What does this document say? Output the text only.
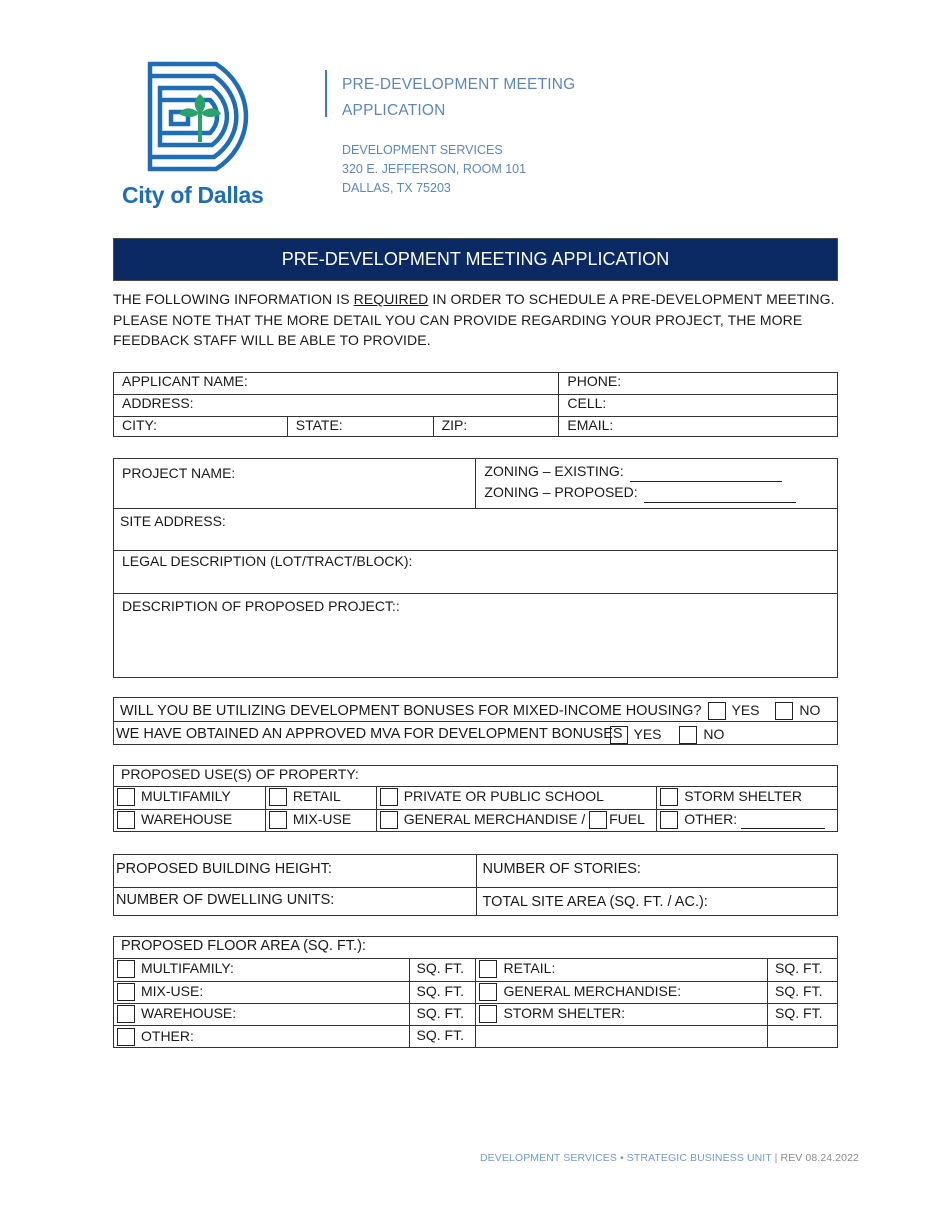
City of Dallas
PRE-DEVELOPMENT MEETING
APPLICATION
DEVELOPMENT SERVICES
320 E. JEFFERSON, ROOM 101
DALLAS, TX 75203
PRE-DEVELOPMENT MEETING APPLICATION
THE FOLLOWING INFORMATION IS REQUIRED IN ORDER TO SCHEDULE A PRE-DEVELOPMENT MEETING. PLEASE NOTE THAT THE MORE DETAIL YOU CAN PROVIDE REGARDING YOUR PROJECT, THE MORE FEEDBACK STAFF WILL BE ABLE TO PROVIDE.
APPLICANT NAME:			PHONE:
ADDRESS:			CELL:
CITY:	STATE:	ZIP:	EMAIL:
PROJECT NAME:	ZONING – EXISTING:
ZONING – PROPOSED:

SITE ADDRESS:
LEGAL DESCRIPTION (LOT/TRACT/BLOCK):
DESCRIPTION OF PROPOSED PROJECT::
WILL YOU BE UTILIZING DEVELOPMENT BONUSES FOR MIXED-INCOME HOUSING?	YES	NO

WE HAVE OBTAINED AN APPROVED MVA FOR DEVELOPMENT BONUSES YES	NO
PROPOSED USE(S) OF PROPERTY:			
MULTIFAMILY	RETAIL	PRIVATE OR PUBLIC SCHOOL	STORM SHELTER
WAREHOUSE	MIX-USE	GENERAL MERCHANDISE / FUEL	OTHER:
PROPOSED BUILDING HEIGHT:	NUMBER OF STORIES:
NUMBER OF DWELLING UNITS:	TOTAL SITE AREA (SQ. FT. / AC.):
PROPOSED FLOOR AREA (SQ. FT.):			
MULTIFAMILY:	SQ. FT.	RETAIL:	SQ. FT.
MIX-USE:	SQ. FT.	GENERAL MERCHANDISE:	SQ. FT.
WAREHOUSE:	SQ. FT.	STORM SHELTER:	SQ. FT.
OTHER:	SQ. FT.		
DEVELOPMENT SERVICES • STRATEGIC BUSINESS UNIT | REV 08.24.2022
